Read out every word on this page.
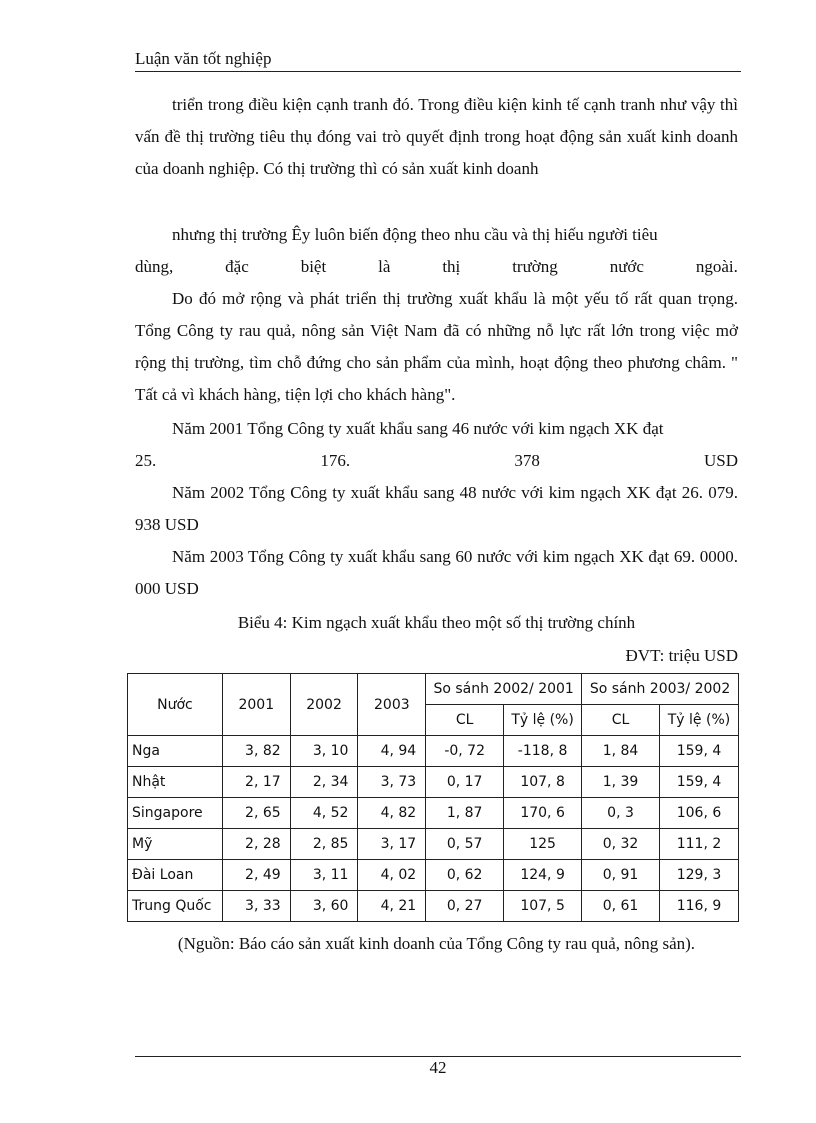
Luận văn tốt nghiệp

triển trong điều kiện cạnh tranh đó. Trong điều kiện kinh tế cạnh tranh như vậy thì vấn đề thị trường tiêu thụ đóng vai trò quyết định trong hoạt động sản xuất kinh doanh của doanh nghiệp. Có thị trường thì có sản xuất kinh doanh

nhưng thị trường Êy luôn biến động theo nhu cầu và thị hiếu người tiêu

dùng,	đặc	biệt	là	thị	trường	nước	ngoài.

Do đó mở rộng và phát triển thị trường xuất khẩu là một yếu tố rất quan trọng. Tổng Công ty rau quả, nông sản Việt Nam đã có những nỗ lực rất lớn trong việc mở rộng thị trường, tìm chỗ đứng cho sản phẩm của mình, hoạt động theo phương châm. " Tất cả vì khách hàng, tiện lợi cho khách hàng".

Năm 2001 Tổng Công ty xuất khẩu sang 46 nước với kim ngạch XK đạt

25.	176.	378	USD

Năm 2002 Tổng Công ty xuất khẩu sang 48 nước với kim ngạch XK đạt 26. 079. 938 USD

Năm 2003 Tổng Công ty xuất khẩu sang 60 nước với kim ngạch XK đạt 69. 0000. 000 USD

Biểu 4: Kim ngạch xuất khẩu theo một số thị trường chính
ĐVT: triệu USD
Nước	2001	2002	2003	So sánh 2002/ 2001		So sánh 2003/ 2002	
				CL	Tỷ lệ (%)	CL	Tỷ lệ (%)
Nga	3, 82	3, 10	4, 94	-0, 72	-118, 8	1, 84	159, 4
Nhật	2, 17	2, 34	3, 73	0, 17	107, 8	1, 39	159, 4
Singapore	2, 65	4, 52	4, 82	1, 87	170, 6	0, 3	106, 6
Mỹ	2, 28	2, 85	3, 17	0, 57	125	0, 32	111, 2
Đài Loan	2, 49	3, 11	4, 02	0, 62	124, 9	0, 91	129, 3
Trung Quốc	3, 33	3, 60	4, 21	0, 27	107, 5	0, 61	116, 9
(Nguồn: Báo cáo sản xuất kinh doanh của Tổng Công ty rau quả, nông sản).
42
